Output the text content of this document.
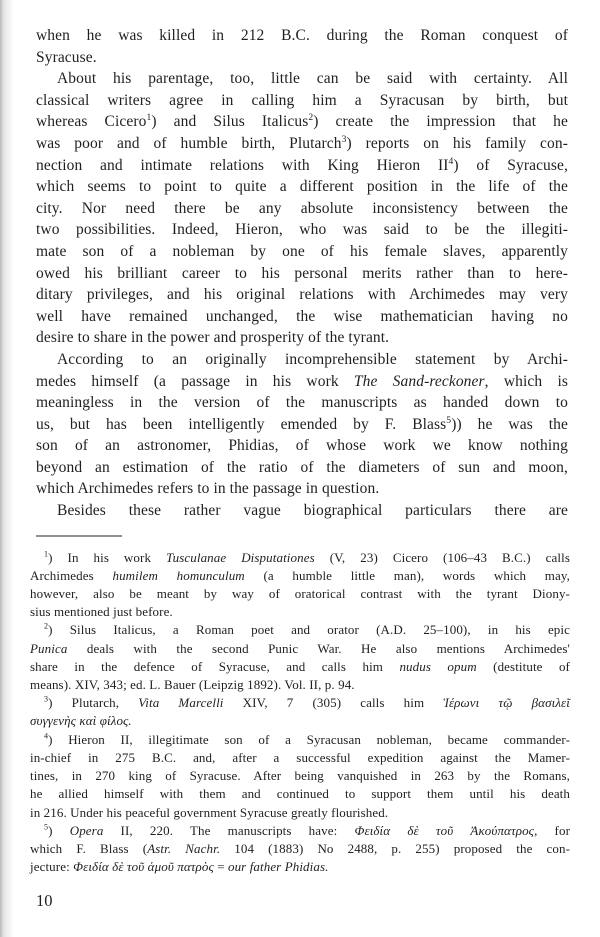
when he was killed in 212 B.C. during the Roman conquest of
Syracuse.
About his parentage, too, little can be said with certainty. All
classical writers agree in calling him a Syracusan by birth, but
whereas Cicero$^1$) and Silus Italicus$^2$) create the impression that he
was poor and of humble birth, Plutarch$^3$) reports on his family con-
nection and intimate relations with King Hieron $II^4$) of Syracuse,
which seems to point to quite a different position in the life of the
city. Nor need there be any absolute inconsistency between the
two possibilities. Indeed, Hieron, who was said to be the illegiti-
mate son of a nobleman by one of his female slaves, apparently
owed his brilliant career to his personal merits rather than to here-
ditary privileges, and his original relations with Archimedes may very
well have remained unchanged, the wise mathematician having no
desire to share in the power and prosperity of the tyrant.
According to an originally incomprehensible statement by Archi-
medes himself (a passage in his work The Sand-reckoner, which is
meaningless in the version of the manuscripts as handed down to
us, but has been intelligently emended by F. Blass$^5$)) he was the
son of an astronomer, Phidias, of whose work we know nothing
beyond an estimation of the ratio of the diameters of sun and moon,
which Archimedes refers to in the passage in question.
Besides these rather vague biographical particulars there are
$^1$) In his work Tusculanae Disputationes (V, 23) Cicero (106–43 B.C.) calls
Archimedes humilem homunculum (a humble little man), words which may,
however, also be meant by way of oratorical contrast with the tyrant Diony-
sius mentioned just before.
$^2$) Silus Italicus, a Roman poet and orator (A.D. 25–100), in his epic
Punica deals with the second Punic War. He also mentions Archimedes'
share in the defence of Syracuse, and calls him nudus opum (destitute of
means). XIV, 343; ed. L. Bauer (Leipzig 1892). Vol. II, p. 94.
$^3$) Plutarch, Vita Marcelli XIV, 7 (305) calls him Ἱέρωνι τῷ βασιλεῖ
συγγενὴς καὶ φίλος.
$^4$) Hieron II, illegitimate son of a Syracusan nobleman, became commander-
in-chief in 275 B.C. and, after a successful expedition against the Mamer-
tines, in 270 king of Syracuse. After being vanquished in 263 by the Romans,
he allied himself with them and continued to support them until his death
in 216. Under his peaceful government Syracuse greatly flourished.
$^5$) Opera II, 220. The manuscripts have: Φειδία δὲ τοῦ Ἀκούπατρος, for
which F. Blass (Astr. Nachr. 104 (1883) No 2488, p. 255) proposed the con-
jecture: Φειδία δὲ τοῦ ἁμοῦ πατρὸς = our father Phidias.
10
